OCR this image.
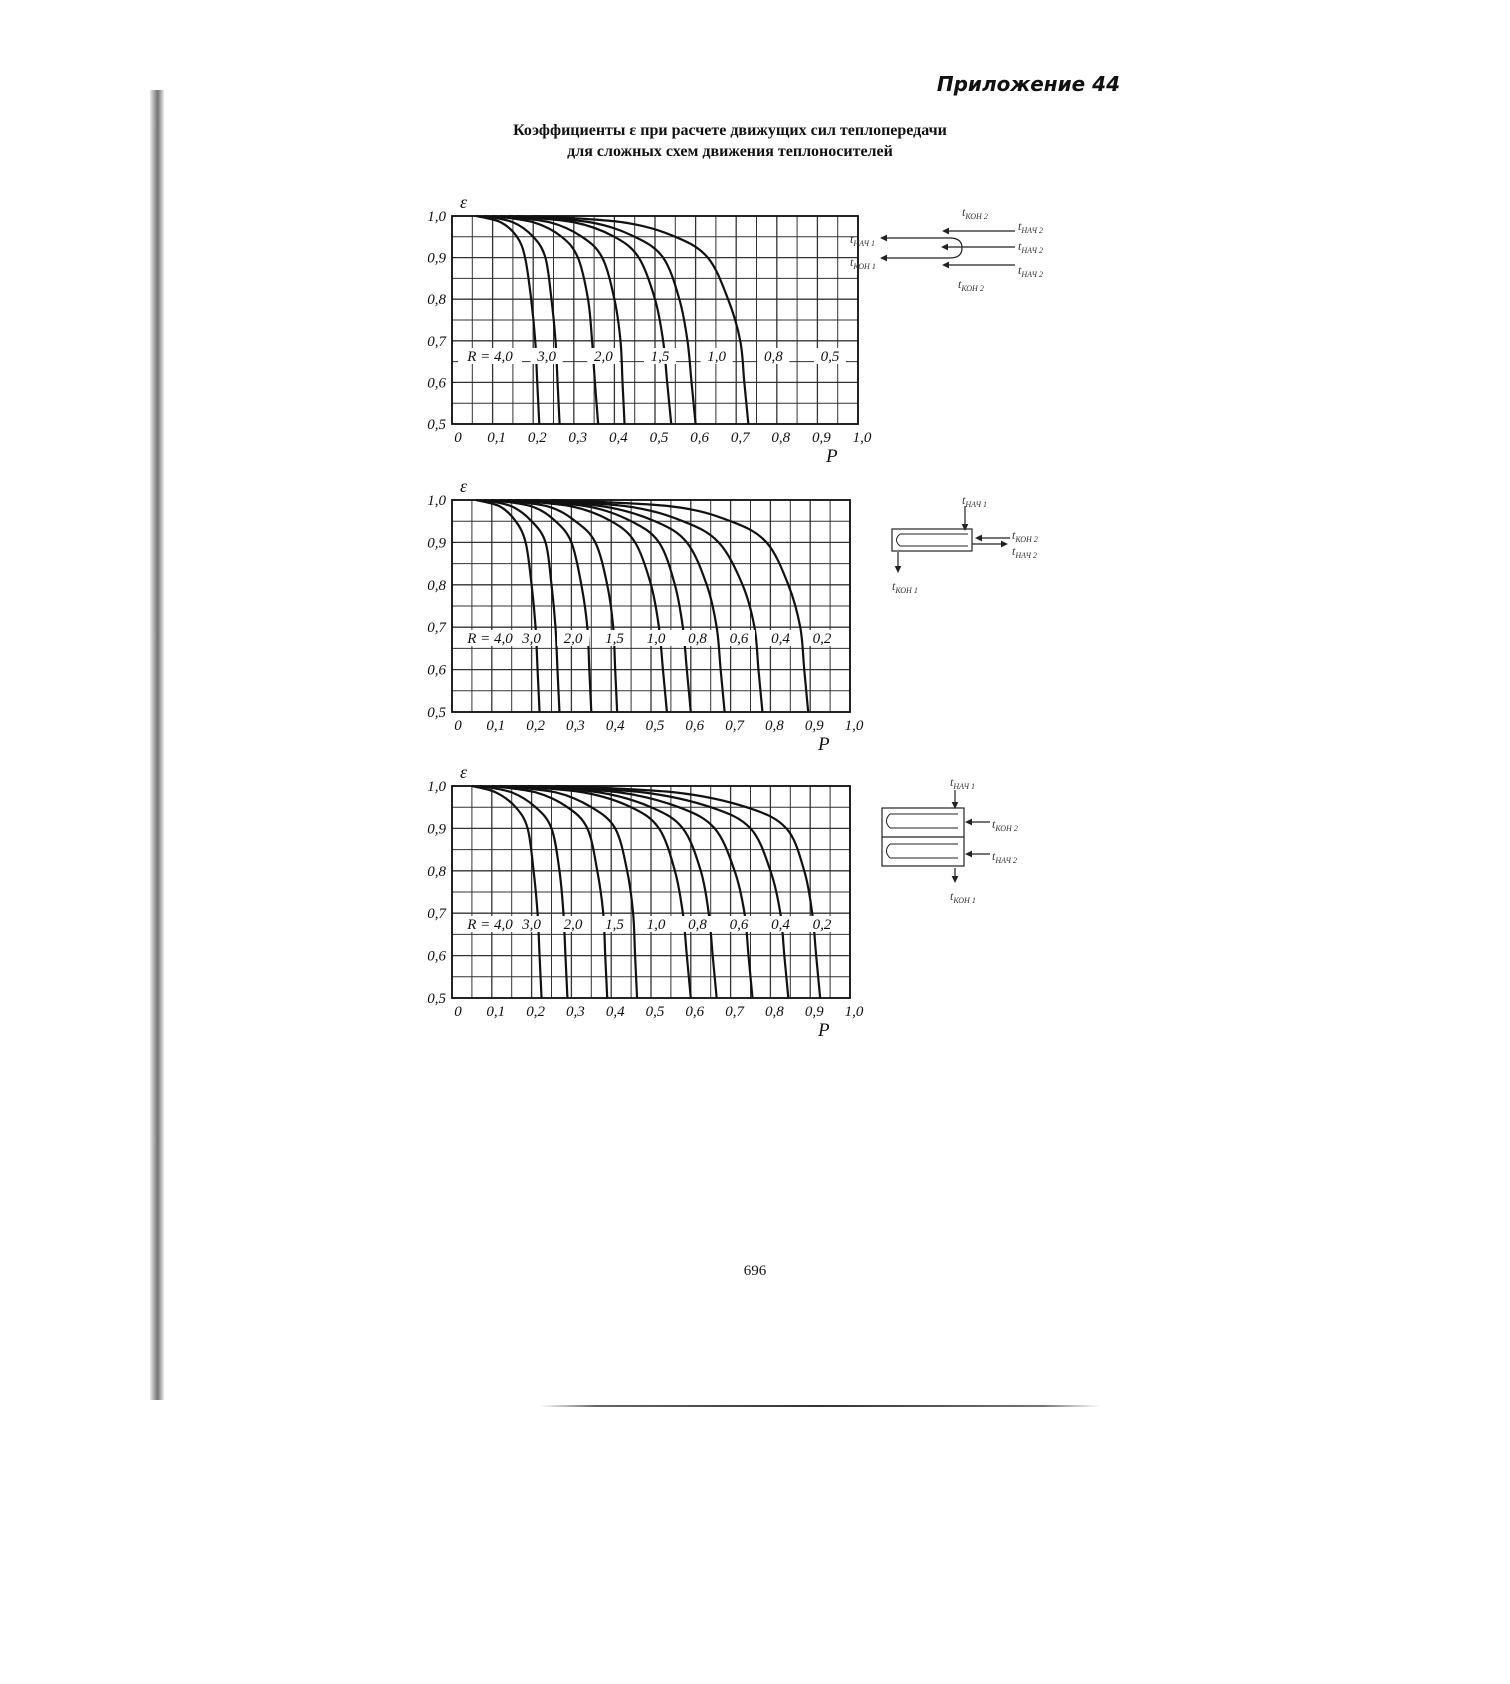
Приложение 44
Коэффициенты ε при расчете движущих сил теплопередачи
для сложных схем движения теплоносителей
0,5
0,6
0,7
0,8
0,9
1,0
0 0,1 0,2 0,3 0,4 0,5 0,6 0,7 0,8 0,9 1,0
ε
P
R = 4,0 3,0	2,0	1,5	1,0	0,8	0,5
$t_{КОН 2}$
$t_{НАЧ 2}$
$t_{НАЧ 1}$	$t_{НАЧ 2}$
$t_{КОН 1}$	$t_{НАЧ 2}$
$t_{КОН 2}$
0,5
0,6
0,7
0,8
0,9
1,0
0 0,1 0,2 0,3 0,4 0,5 0,6 0,7 0,8 0,9 1,0
ε
P
R = 4,0 3,0 2,0 1,5 1,0 0,8 0,6 0,4 0,2
$t_{НАЧ 1}$
$t_{КОН 2}$
$t_{НАЧ 2}$
$t_{КОН 1}$
0,5
0,6
0,7
0,8
0,9
1,0
0 0,1 0,2 0,3 0,4 0,5 0,6 0,7 0,8 0,9 1,0
ε
P
R = 4,0 3,0 2,0 1,5 1,0 0,8 0,6 0,4 0,2
$t_{НАЧ 1}$
$t_{КОН 2}$
$t_{НАЧ 2}$
$t_{КОН 1}$
696
